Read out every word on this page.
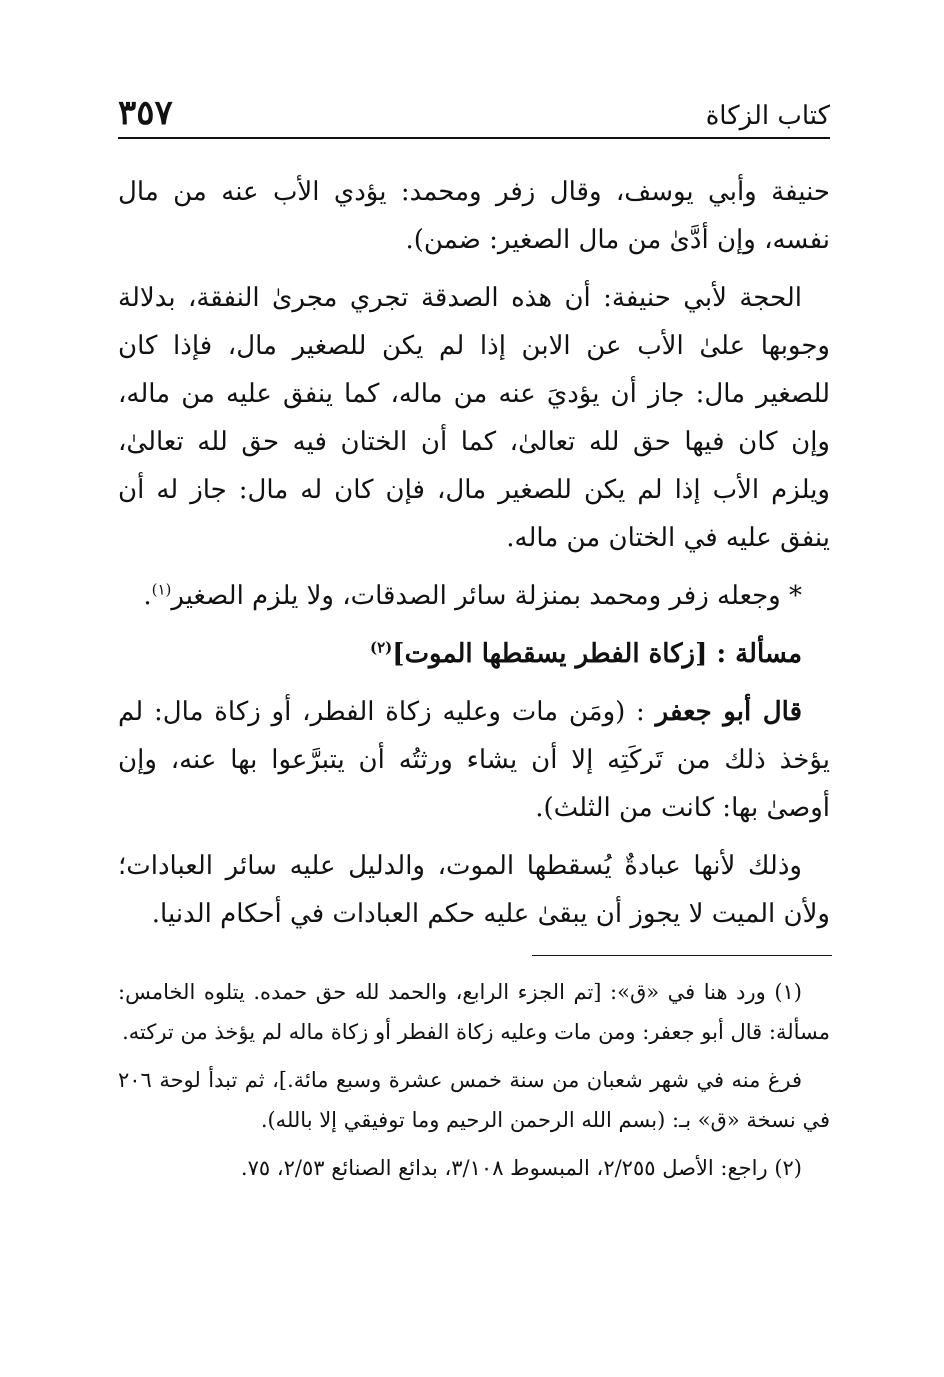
كتاب الزكاة
٣٥٧

حنيفة وأبي يوسف، وقال زفر ومحمد: يؤدي الأب عنه من مال نفسه، وإن أدَّىٰ من مال الصغير: ضمن).

الحجة لأبي حنيفة: أن هذه الصدقة تجري مجرىٰ النفقة، بدلالة وجوبها علىٰ الأب عن الابن إذا لم يكن للصغير مال، فإذا كان للصغير مال: جاز أن يؤديَ عنه من ماله، كما ينفق عليه من ماله، وإن كان فيها حق لله تعالىٰ، كما أن الختان فيه حق لله تعالىٰ، ويلزم الأب إذا لم يكن للصغير مال، فإن كان له مال: جاز له أن ينفق عليه في الختان من ماله.

* وجعله زفر ومحمد بمنزلة سائر الصدقات، ولا يلزم الصغير$^{(١)}$.

مسألة : [زكاة الفطر يسقطها الموت]$^{(٢)}$

قال أبو جعفر : (ومَن مات وعليه زكاة الفطر، أو زكاة مال: لم يؤخذ ذلك من تَركَتِه إلا أن يشاء ورثتُه أن يتبرَّعوا بها عنه، وإن أوصىٰ بها: كانت من الثلث).

وذلك لأنها عبادةٌ يُسقطها الموت، والدليل عليه سائر العبادات؛ ولأن الميت لا يجوز أن يبقىٰ عليه حكم العبادات في أحكام الدنيا.

(١) ورد هنا في «ق»: [تم الجزء الرابع، والحمد لله حق حمده. يتلوه الخامس: مسألة: قال أبو جعفر: ومن مات وعليه زكاة الفطر أو زكاة ماله لم يؤخذ من تركته.

فرغ منه في شهر شعبان من سنة خمس عشرة وسبع مائة.]، ثم تبدأ لوحة ٢٠٦ في نسخة «ق» بـ: (بسم الله الرحمن الرحيم وما توفيقي إلا بالله).

(٢) راجع: الأصل ٢/٢٥٥، المبسوط ٣/١٠٨، بدائع الصنائع ٢/٥٣، ٧٥.
